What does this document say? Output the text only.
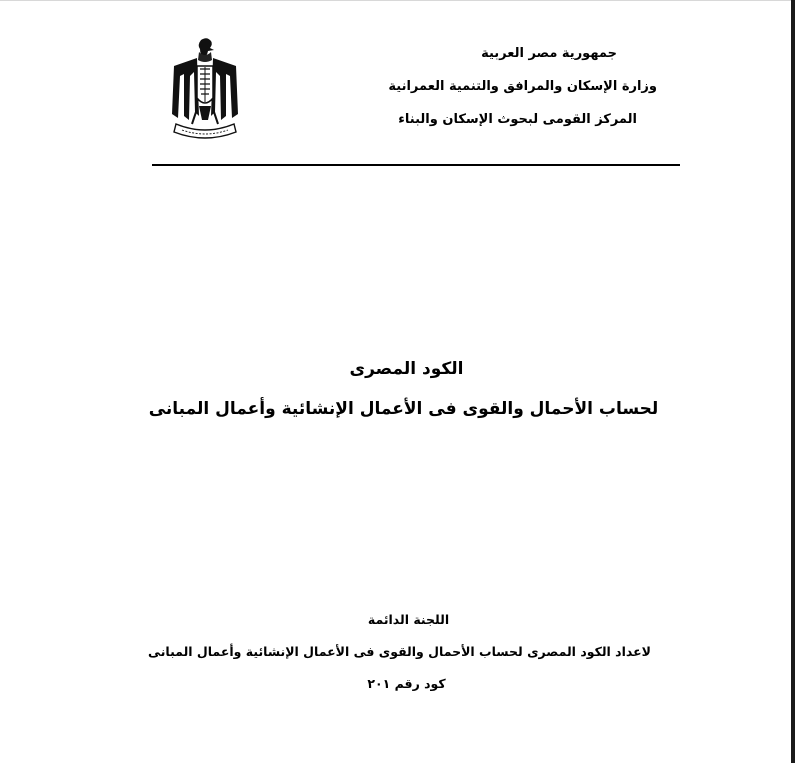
جمهورية مصر العربية
وزارة الإسكان والمرافق والتنمية العمرانية
المركز القومى لبحوث الإسكان والبناء
الكود المصرى
لحساب الأحمال والقوى فى الأعمال الإنشائية وأعمال المبانى
اللجنة الدائمة
لاعداد الكود المصرى لحساب الأحمال والقوى فى الأعمال الإنشائية وأعمال المبانى
كود رقم ٢٠١
